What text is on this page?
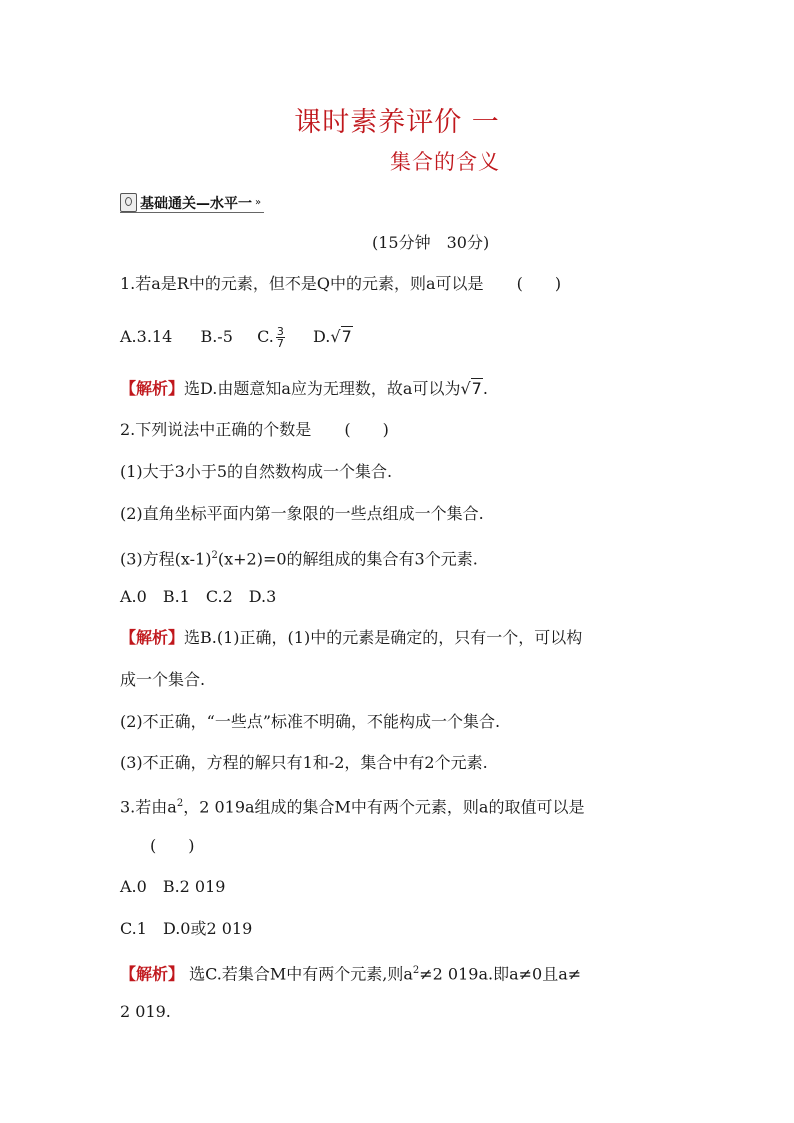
课时素养评价 一
集合的含义
基础通关—水平一 »
(15分钟　30分)
1.若a是R中的元素，但不是Q中的元素，则a可以是 (　　)
A.3.14 B.-5 C. $\frac{3}{7} D.√7$
【解析】选D.由题意知a应为无理数，故a可以为√7.
2.下列说法中正确的个数是 (　　)
(1)大于3小于5的自然数构成一个集合.
(2)直角坐标平面内第一象限的一些点组成一个集合.
(3)方程$(x-1)^2(x+2)=0$的解组成的集合有3个元素.
A.0　B.1　C.2　D.3
【解析】选B.(1)正确，(1)中的元素是确定的，只有一个，可以构
成一个集合.
(2)不正确，“一些点”标准不明确，不能构成一个集合.
(3)不正确，方程的解只有1和-2，集合中有2个元素.
3.若由$a^2$，2 019a组成的集合M中有两个元素，则a的取值可以是
(　　)
A.0　B.2 019
C.1　D.0或2 019
【解析】 选C.若集合M中有两个元素,则$a^2\ne 2$ 019a.即a≠0且a≠
2 019.
